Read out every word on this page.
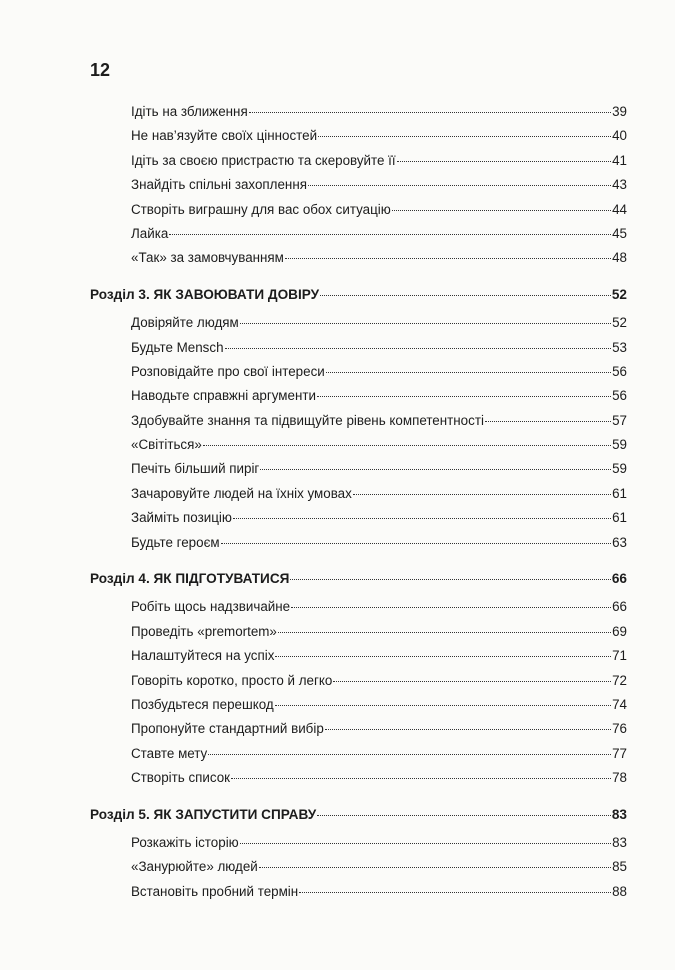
12
Ідіть на зближення	39
Не нав’язуйте своїх цінностей	40
Ідіть за своєю пристрастю та скеровуйте її	41
Знайдіть спільні захоплення	43
Створіть виграшну для вас обох ситуацію	44
Лайка	45
«Так» за замовчуванням	48
Розділ 3. ЯК ЗАВОЮВАТИ ДОВІРУ	52
Довіряйте людям	52
Будьте Mensch	53
Розповідайте про свої інтереси	56
Наводьте справжні аргументи	56
Здобувайте знання та підвищуйте рівень компетентності	57
«Світіться»	59
Печіть більший пиріг	59
Зачаровуйте людей на їхніх умовах	61
Займіть позицію	61
Будьте героєм	63
Розділ 4. ЯК ПІДГОТУВАТИСЯ	66
Робіть щось надзвичайне	66
Проведіть «premortem»	69
Налаштуйтеся на успіх	71
Говоріть коротко, просто й легко	72
Позбудьтеся перешкод	74
Пропонуйте стандартний вибір	76
Ставте мету	77
Створіть список	78
Розділ 5. ЯК ЗАПУСТИТИ СПРАВУ	83
Розкажіть історію	83
«Занурюйте» людей	85
Встановіть пробний термін	88
